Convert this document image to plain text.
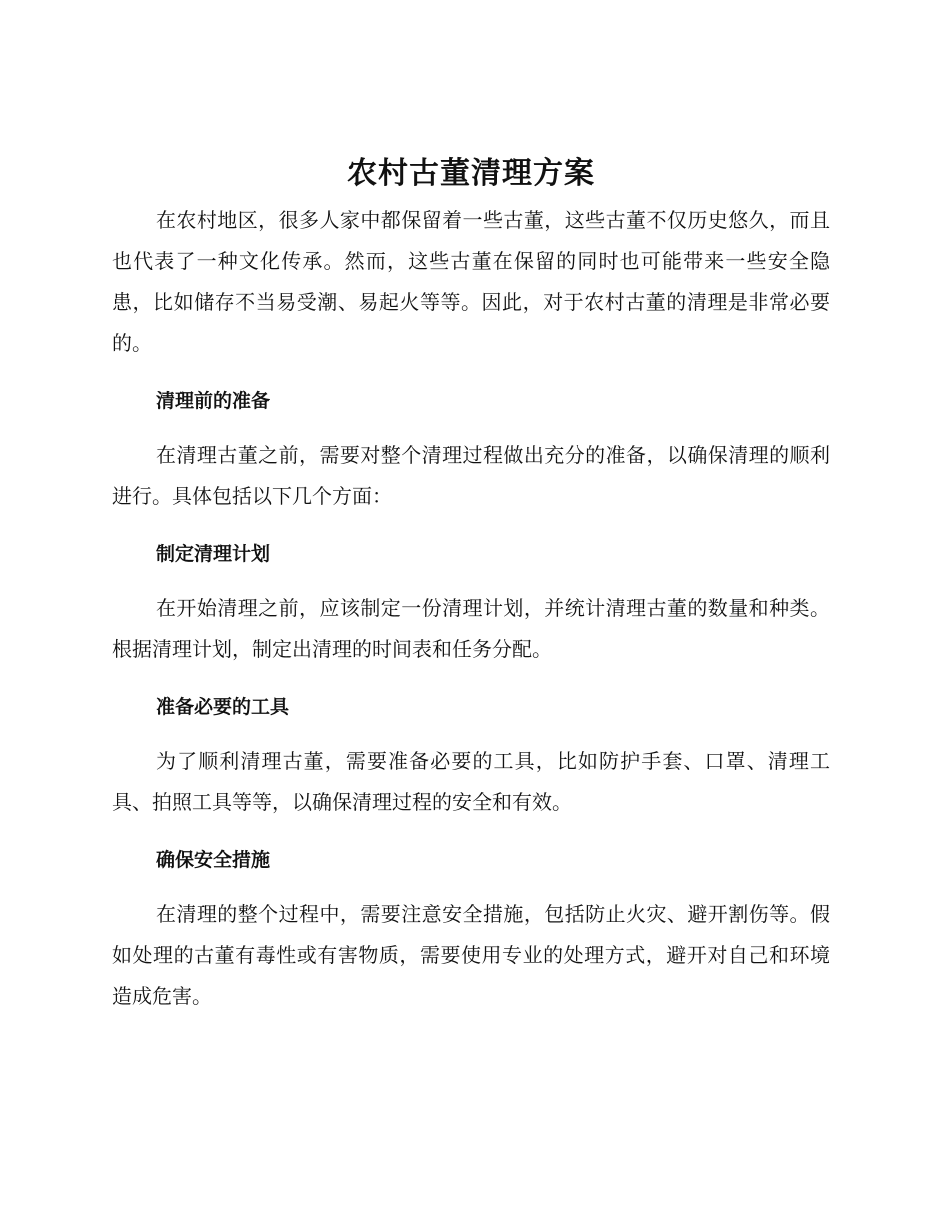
农村古董清理方案

在农村地区，很多人家中都保留着一些古董，这些古董不仅历史悠久，而且也代表了一种文化传承。然而，这些古董在保留的同时也可能带来一些安全隐患，比如储存不当易受潮、易起火等等。因此，对于农村古董的清理是非常必要的。

清理前的准备

在清理古董之前，需要对整个清理过程做出充分的准备，以确保清理的顺利进行。具体包括以下几个方面：

制定清理计划

在开始清理之前，应该制定一份清理计划，并统计清理古董的数量和种类。根据清理计划，制定出清理的时间表和任务分配。

准备必要的工具

为了顺利清理古董，需要准备必要的工具，比如防护手套、口罩、清理工具、拍照工具等等，以确保清理过程的安全和有效。

确保安全措施

在清理的整个过程中，需要注意安全措施，包括防止火灾、避开割伤等。假如处理的古董有毒性或有害物质，需要使用专业的处理方式，避开对自己和环境造成危害。
